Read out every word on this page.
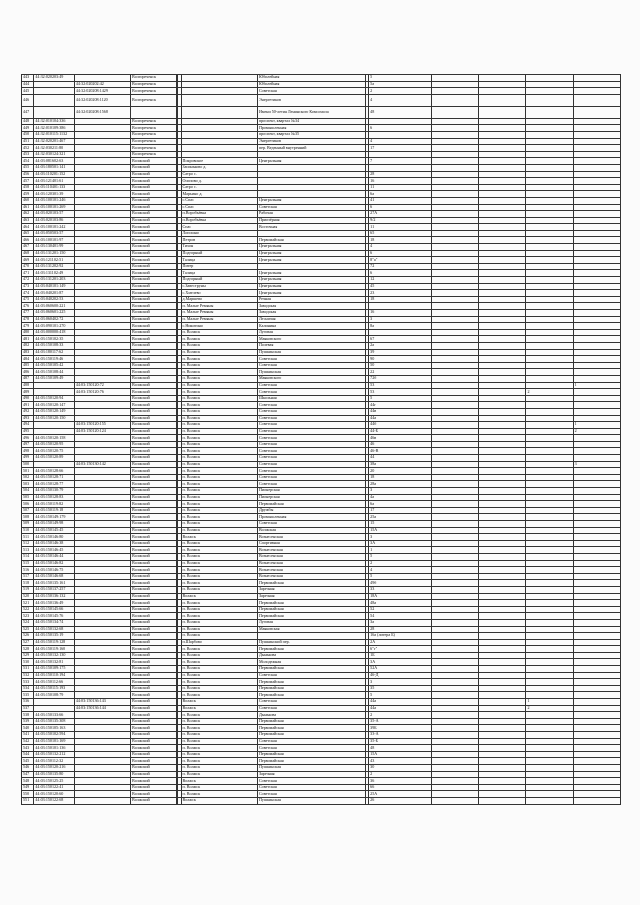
443	44:32:020203:49		Волгореченск				Юбилейная		5				
444		44:32:020202:42	Волгореченск				Юбилейная		5а				
445		44:32:020208:1429	Волгореченск				Советская		2				
446		44:32:020208:1120	Волгореченск				Энергетиков		4				
447		44:32:020208:1568					Имени 50-летия Ленинского Комсомола		48				
448	44:32:010104:336		Волгореченск				проспект, квартал №34						
449	44:32:010109:386		Волгореченск				Промышленная		6				
450	44:32:010115:1132		Волгореченск				проспект, квартал №35						
451	44:32:020201:467		Волгореченск				Энергетиков		4				
452	44:32:030211:80		Волгореченск				пер. Веденный внутренний		17				
453	44:32:030124:321		Волгореченск										
454	44:03:081602:63		Волжский			Покровское	Центральная		7				
455	44:03:180501:141		Волжский			Засиньково д.							
456	44:03:110201:152		Волжский			Сатро с.			28				
457	44:03:121401:61		Волжский			Осипово д.			16				
458	44:03:110401:133		Волжский			Сатро с.			11				
459	44:03:120301:39		Волжский			Марьино д.			6а				
460	44:03:100101:246		Волжский			с.Спас	Центральная		41				
461	44:03:100101:269		Волжский			с.Спас	Советская		6				
462	44:03:020103:57		Волжский			п.Воробьёвка	Рабочая		27А				
463	44:03:020103:86		Волжский			п.Воробьёвка	Приозёрная		9/2				
464	44:03:100101:242		Волжский			Спас	Восточная		11				
465	44:03:050503:57		Волжский			Лопошно			65				
466	44:03:100101:97		Волжский			Петров	Первомайская		18				
467	44:03:130401:99		Волжский			Тихон	Центральная		4				
468	44:03:131201:150		Волжский			Подгорный	Центральная		6				
469	44:03:121102:51		Волжский			Талица	Центральная		8"а"				
470	44:03:131202:92		Волжский			Питер			72				
471	44:03:131102:49		Волжский			Талица	Центральная		6				
472	44:03:131201:203		Волжский			Подгорный	Центральная		12				
473	44:03:040101:149		Волжский			с.Завеструны	Центральная		45				
474	44:03:040201:87		Волжский			с.Хмелево	Центральная		23				
475	44:03:040202:53		Волжский			д.Маршево	Речная		18				
476	44:03:060600:221		Волжский			п. Малые Ремяны	Заводская						
477	44:03:060601:225		Волжский			п. Малые Ремяны	Заводская		16				
478	44:03:060402:72		Волжский			п. Малые Ремяны	Лесничая		3				
479	44:03:090101:270		Волжский			с.Никитино	Калинина		8а				
480	44:03:000000:418		Волжский			п. Волжск	Луговая						
481	44:03:150102:35		Волжский			п. Волжск	Маяковского		67				
482	44:03:150108:33		Волжский			п. Волжск	Полевая		2а				
483	44:03:180117:62		Волжский			п. Волжск	Пушкинская		39				
484	44:03:150119:46		Волжский			п. Волжск	Советская		90				
485	44:03:150105:42		Волжский			п. Волжск	Советская		50				
486	44:03:150108:44		Волжский			п. Волжск	Пушкинская		22				
487	44:03:150109:49		Волжский			п. Волжск	Маяковского		72б				
488		44:03:150120:72	Волжский			п. Волжск	Советская		53				1
489		44:03:150120:76	Волжский			п. Волжск	Советская		53			2	
490	44:03:150120:94		Волжский			п. Волжск	Школьная		5				
491	44:03:150120:147		Волжский			п. Волжск	Советская		44г				
492	44:03:150120:149		Волжский			п. Волжск	Советская		44в				
493	44:03:150120:150		Волжский			п. Волжск	Советская		44а				
494		44:03:150120:155	Волжский			п. Волжск	Советская		44б				1
495		44:03:150120:124	Волжский			п. Волжск	Советская		44-Б				2
496	44:03:150120:158		Волжский			п. Волжск	Советская		46в				
497	44:03:150120:95		Волжский			п. Волжск	Советская		46				
498	44:03:150120:75		Волжский			п. Волжск	Советская		46-В				
499	44:03:150120:89		Волжский			п. Волжск	Советская		44				
500		44:03:150130:142	Волжский			п. Волжск	Советская		38а				3
501	44:03:150128:66		Волжский			п. Волжск	Советская		20				
502	44:03:150128:71		Волжский			п. Волжск	Советская		18				
503	44:03:150128:77		Волжский			п. Волжск	Советская		28а				
504	44:03:150130:79		Волжский			п. Волжск	Пионерская		3				
505	44:03:150128:83		Волжский			п. Волжск	Пионерская		4а				
506	44:03:150119:82		Волжский			п. Волжск	Первомайская		6а				
507	44:03:150119:18		Волжский			п. Волжск	Дружбы		17				
508	44:03:150149:179		Волжский			п. Волжск	Промышленная		25а				
509	44:03:150149:98		Волжский			п. Волжск	Советская		15				
510	44:03:150145:45		Волжский			п. Волжск	Волжская		15А				
511	44:03:150146:80		Волжский			Волжск	Вознесенская		3				
512	44:03:150146:38		Волжский			п. Волжск	Спортивная		3А				
513	44:03:150146:45		Волжский			п. Волжск	Вознесенская		1				
514	44:03:150146:44		Волжский			п. Волжск	Вознесенская		5				
515	44:03:150146:82		Волжский			п. Волжск	Вознесенская		2				
516	44:03:150146:75		Волжский			п. Волжск	Вознесенская		4				
517	44:03:150146:68		Волжский			п. Волжск	Вознесенская		5				
518	44:03:150135:161		Волжский			п. Волжск	Первомайская		49б				
519	44:03:150137:257		Волжский			п. Волжск	Заречная		33				
520	44:03:150136:132		Волжский			Волжск	Заречная		18А				
521	44:03:150136:49		Волжский			п. Волжск	Первомайская		48а				
522	44:03:150145:66		Волжский			п. Волжск	Первомайская		52				
523	44:03:150145:76		Волжский			п. Волжск	Первомайская		54				
524	44:03:150134:74		Волжский			п. Волжск	Луговая		3а				
525	44:03:150132:68		Волжский			п. Волжск	Маяковская		28				
526	44:03:150135:19		Волжский			п. Волжск			16а (литера Б)				
527	44:03:150119:128		Волжский			п.Шарбово	Пушкинский пер.		2А				
528	44:03:150119:160		Волжский			п. Волжск	Первомайская		6"г"				
529	44:03:150132:130		Волжский			п. Волжск	Дынькова		1Б				
530	44:03:150132:81		Волжский			п. Волжск	Молодежная		3А				
531	44:03:150109:175		Волжский			п. Волжск	Первомайская		52А				
532	44:03:150110:194		Волжский			п. Волжск	Советская		46-Д				
533	44:03:150112:66		Волжский			п. Волжск	Первомайская		3				
534	44:03:150115:193		Волжский			п. Волжск	Первомайская		35				
535	44:03:150108:79		Волжский			п. Волжск	Первомайская		5				
536		44:03:150136:143	Волжский			Волжск	Советская		44а			1	
537		44:03:150136:144	Волжский			Волжск	Советская		44а			2	
538	44:03:150133:66		Волжский			п. Волжск	Дынькова		2				
539	44:03:150135:308		Волжский			п. Волжск	Первомайская		35-А				
540	44:03:150105:163		Волжский			п. Волжск	Первомайская		39Б				
541	44:03:150102:594		Волжский			п. Волжск	Первомайская		33-А				
542	44:03:150101:169		Волжский			п. Волжск	Советская		35-Б				
543	44:03:150101:136		Волжский			п. Волжск	Советская		48				
544	44:03:150132:212		Волжский			п. Волжск	Первомайская		15А				
545	44:03:150112:32		Волжский			п. Волжск	Первомайская		43				
546	44:03:150120:216		Волжский			п. Волжск	Пушкинская		30				
547	44:03:150135:80		Волжский			п. Волжск	Заречная		2				
548	44:03:150125:25		Волжский			Волжск	Советская		36				
549	44:03:150122:41		Волжский			п. Волжск	Советская		66				
550	44:03:150120:60		Волжский			п. Волжск	Советская		25А				
551	44:03:150122:68		Волжский			Волжск	Пушкинская		26				
